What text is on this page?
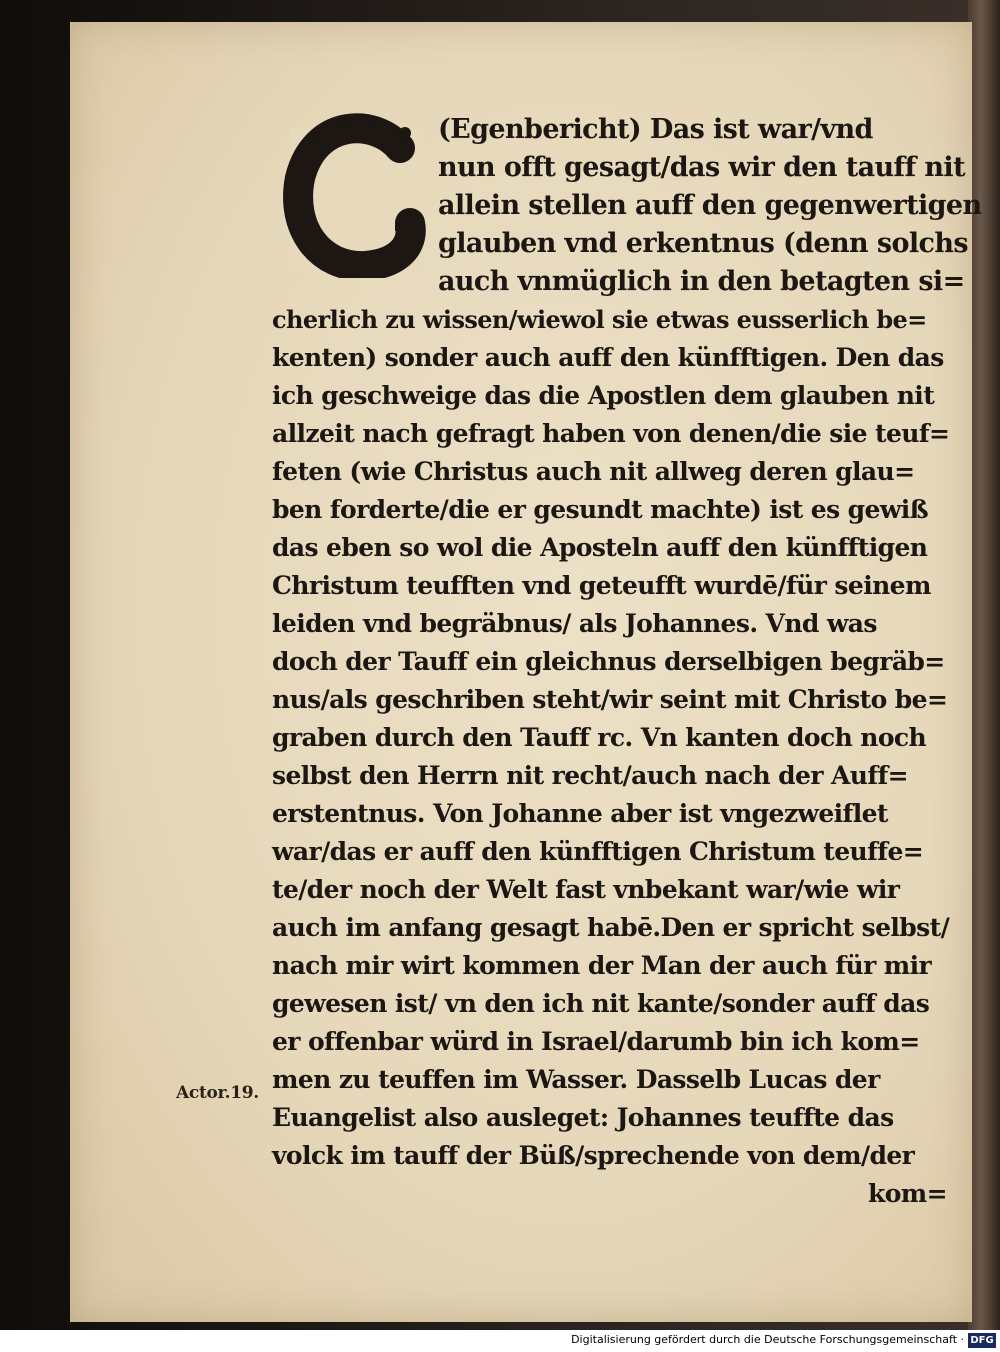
G
(Egenbericht) Das ist war/vnd
nun offt gesagt/das wir den tauff nit
allein stellen auff den gegenwertigen
glauben vnd erkentnus (denn solchs
auch vnmüglich in den betagten si=
cherlich zu wissen/wiewol sie etwas eusserlich be=
kenten) sonder auch auff den künfftigen. Den das
ich geschweige das die Apostlen dem glauben nit
allzeit nach gefragt haben von denen/die sie teuf=
feten (wie Christus auch nit allweg deren glau=
ben forderte/die er gesundt machte) ist es gewiß
das eben so wol die Aposteln auff den künfftigen
Christum teufften vnd geteufft wurdē/für seinem
leiden vnd begräbnus/ als Johannes. Vnd was
doch der Tauff ein gleichnus derselbigen begräb=
nus/als geschriben steht/wir seint mit Christo be=
graben durch den Tauff rc. Vn kanten doch noch
selbst den Herrn nit recht/auch nach der Auff=
erstentnus. Von Johanne aber ist vngezweiflet
war/das er auff den künfftigen Christum teuffe=
te/der noch der Welt fast vnbekant war/wie wir
auch im anfang gesagt habē.Den er spricht selbst/
nach mir wirt kommen der Man der auch für mir
gewesen ist/ vn den ich nit kante/sonder auff das
er offenbar würd in Israel/darumb bin ich kom=
men zu teuffen im Wasser. Dasselb Lucas der
Euangelist also ausleget: Johannes teuffte das
volck im tauff der Büß/sprechende von dem/der
kom=
Actor.19.
Digitalisierung gefördert durch die Deutsche Forschungsgemeinschaft · DFG
